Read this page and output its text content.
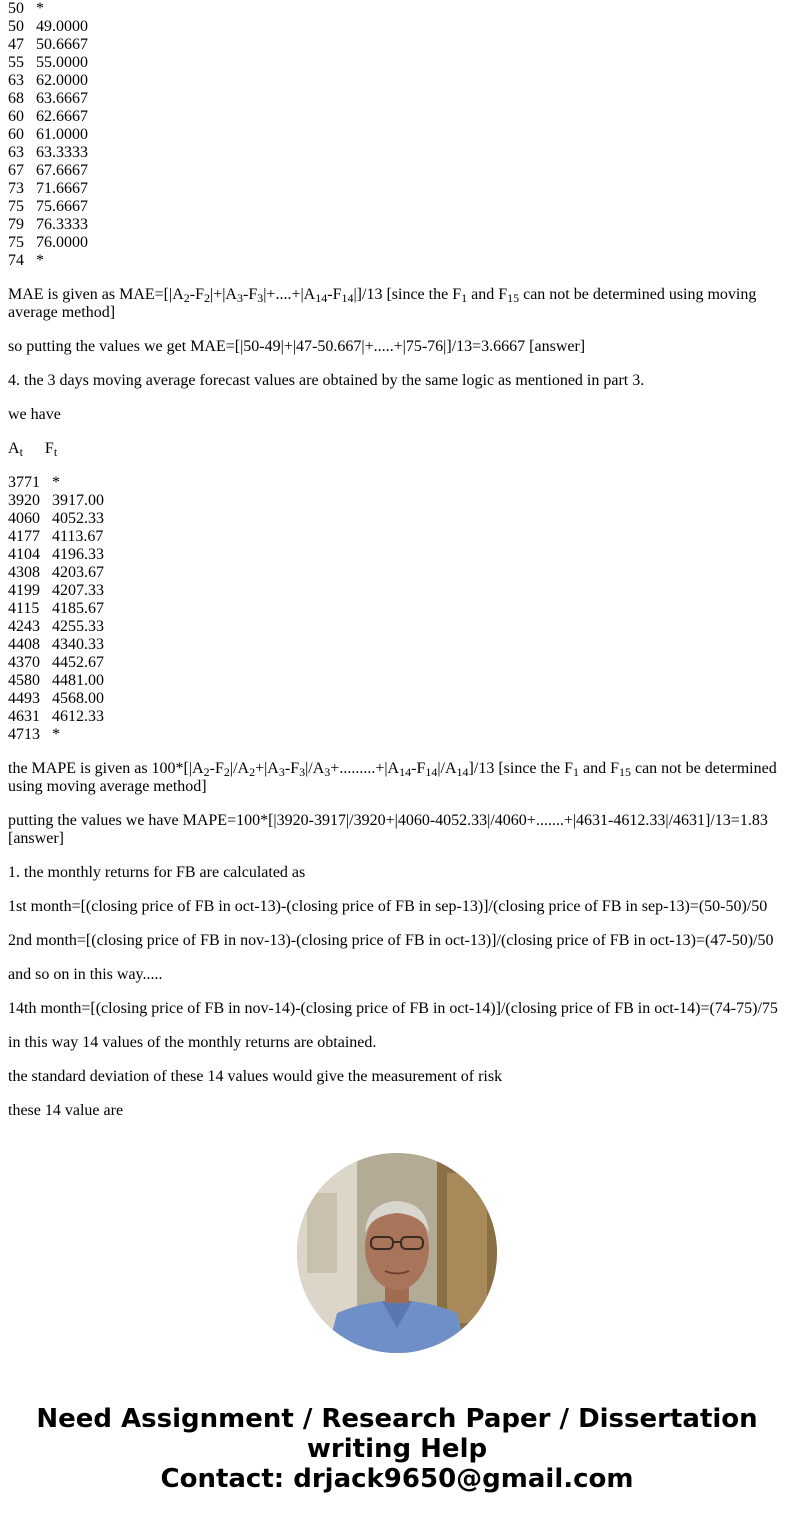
50	*
50	49.0000
47	50.6667
55	55.0000
63	62.0000
68	63.6667
60	62.6667
60	61.0000
63	63.3333
67	67.6667
73	71.6667
75	75.6667
79	76.3333
75	76.0000
74	*

MAE is given as $MAE=[|A_2-F_2|+|A_3-F_3|+....+|A_{14}-F_{14}|]/13$ [since the $F_1$ and $F_{15}$ can not be determined using moving average method]

so putting the values we get MAE=[|50-49|+|47-50.667|+.....+|75-76|]/13=3.6667 [answer]

4. the 3 days moving average forecast values are obtained by the same logic as mentioned in part 3.

we have

$A_t$	$F_t$
3771	*
3920	3917.00
4060	4052.33
4177	4113.67
4104	4196.33
4308	4203.67
4199	4207.33
4115	4185.67
4243	4255.33
4408	4340.33
4370	4452.67
4580	4481.00
4493	4568.00
4631	4612.33
4713	*

the MAPE is given as $100*[|A_2-F_2|/A_2+|A_3-F_3|/A_3+.........+|A_{14}-F_{14}|/A_{14}]/13$ [since the $F_1$ and $F_{15}$ can not be determined using moving average method]

putting the values we have MAPE=100*[|3920-3917|/3920+|4060-4052.33|/4060+.......+|4631-4612.33|/4631]/13=1.83 [answer]

1. the monthly returns for FB are calculated as

1st month=[(closing price of FB in oct-13)-(closing price of FB in sep-13)]/(closing price of FB in sep-13)=(50-50)/50

2nd month=[(closing price of FB in nov-13)-(closing price of FB in oct-13)]/(closing price of FB in oct-13)=(47-50)/50

and so on in this way.....

14th month=[(closing price of FB in nov-14)-(closing price of FB in oct-14)]/(closing price of FB in oct-14)=(74-75)/75

in this way 14 values of the monthly returns are obtained.

the standard deviation of these 14 values would give the measurement of risk

these 14 value are

Need Assignment / Research Paper / Dissertation
writing Help
Contact: drjack9650@gmail.com
